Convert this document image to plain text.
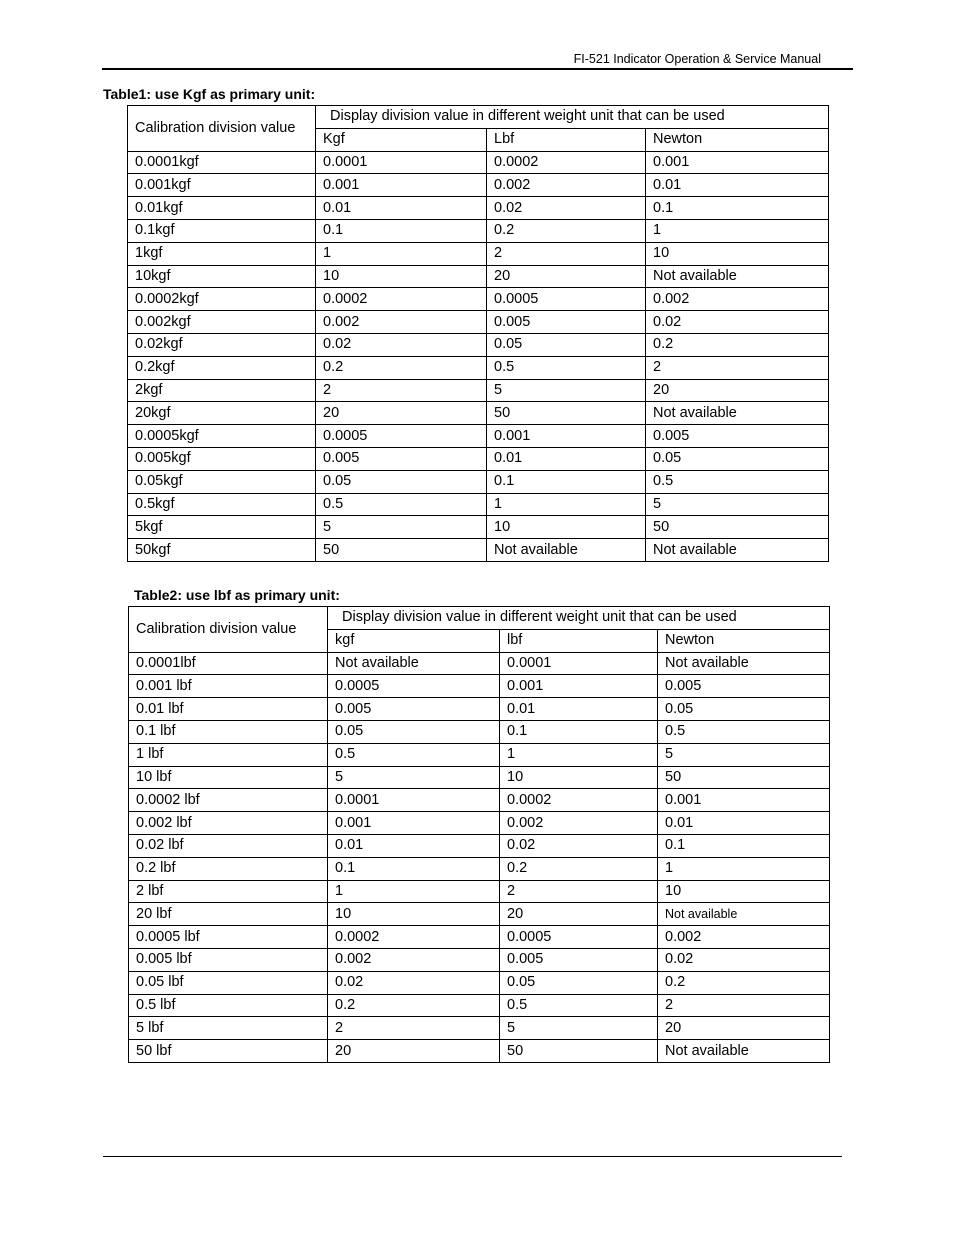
FI-521 Indicator Operation & Service Manual
Table1: use Kgf as primary unit:
Calibration division value	Display division value in different weight unit that can be used		
	Kgf	Lbf	Newton
0.0001kgf	0.0001	0.0002	0.001
0.001kgf	0.001	0.002	0.01
0.01kgf	0.01	0.02	0.1
0.1kgf	0.1	0.2	1
1kgf	1	2	10
10kgf	10	20	Not available
0.0002kgf	0.0002	0.0005	0.002
0.002kgf	0.002	0.005	0.02
0.02kgf	0.02	0.05	0.2
0.2kgf	0.2	0.5	2
2kgf	2	5	20
20kgf	20	50	Not available
0.0005kgf	0.0005	0.001	0.005
0.005kgf	0.005	0.01	0.05
0.05kgf	0.05	0.1	0.5
0.5kgf	0.5	1	5
5kgf	5	10	50
50kgf	50	Not available	Not available
Table2: use lbf as primary unit:
Calibration division value	Display division value in different weight unit that can be used		
	kgf	lbf	Newton
0.0001lbf	Not available	0.0001	Not available
0.001 lbf	0.0005	0.001	0.005
0.01 lbf	0.005	0.01	0.05
0.1 lbf	0.05	0.1	0.5
1 lbf	0.5	1	5
10 lbf	5	10	50
0.0002 lbf	0.0001	0.0002	0.001
0.002 lbf	0.001	0.002	0.01
0.02 lbf	0.01	0.02	0.1
0.2 lbf	0.1	0.2	1
2 lbf	1	2	10
20 lbf	10	20	Not available
0.0005 lbf	0.0002	0.0005	0.002
0.005 lbf	0.002	0.005	0.02
0.05 lbf	0.02	0.05	0.2
0.5 lbf	0.2	0.5	2
5 lbf	2	5	20
50 lbf	20	50	Not available
